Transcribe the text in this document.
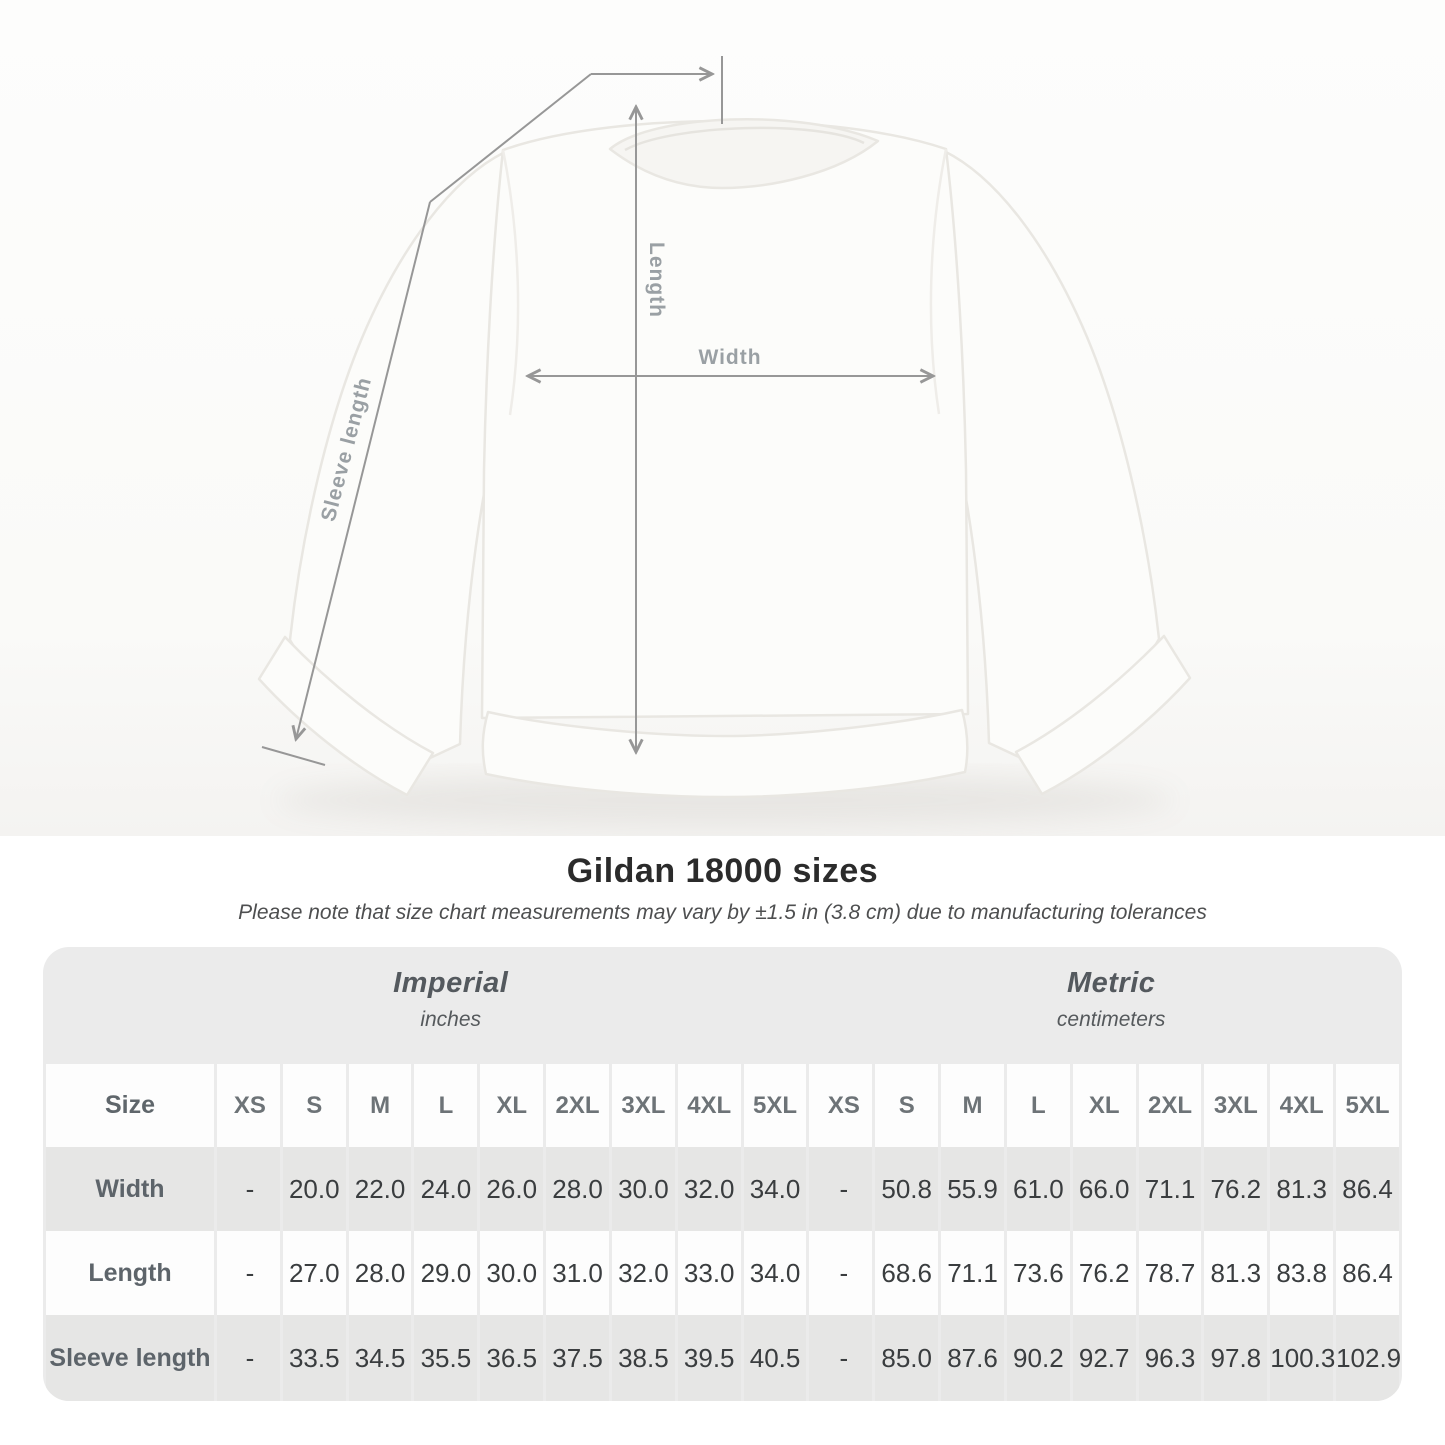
Length
Width
Sleeve length
Gildan 18000 sizes

Please note that size chart measurements may vary by ±1.5 in (3.8 cm) due to manufacturing tolerances

Imperial
inches
Metric
centimeters
Size	XS	S	M	L	XL	2XL	3XL	4XL	5XL	XS	S	M	L	XL	2XL	3XL	4XL	5XL
Width	-	20.0	22.0	24.0	26.0	28.0	30.0	32.0	34.0	-	50.8	55.9	61.0	66.0	71.1	76.2	81.3	86.4
Length	-	27.0	28.0	29.0	30.0	31.0	32.0	33.0	34.0	-	68.6	71.1	73.6	76.2	78.7	81.3	83.8	86.4
Sleeve length	-	33.5	34.5	35.5	36.5	37.5	38.5	39.5	40.5	-	85.0	87.6	90.2	92.7	96.3	97.8	100.3	102.9
